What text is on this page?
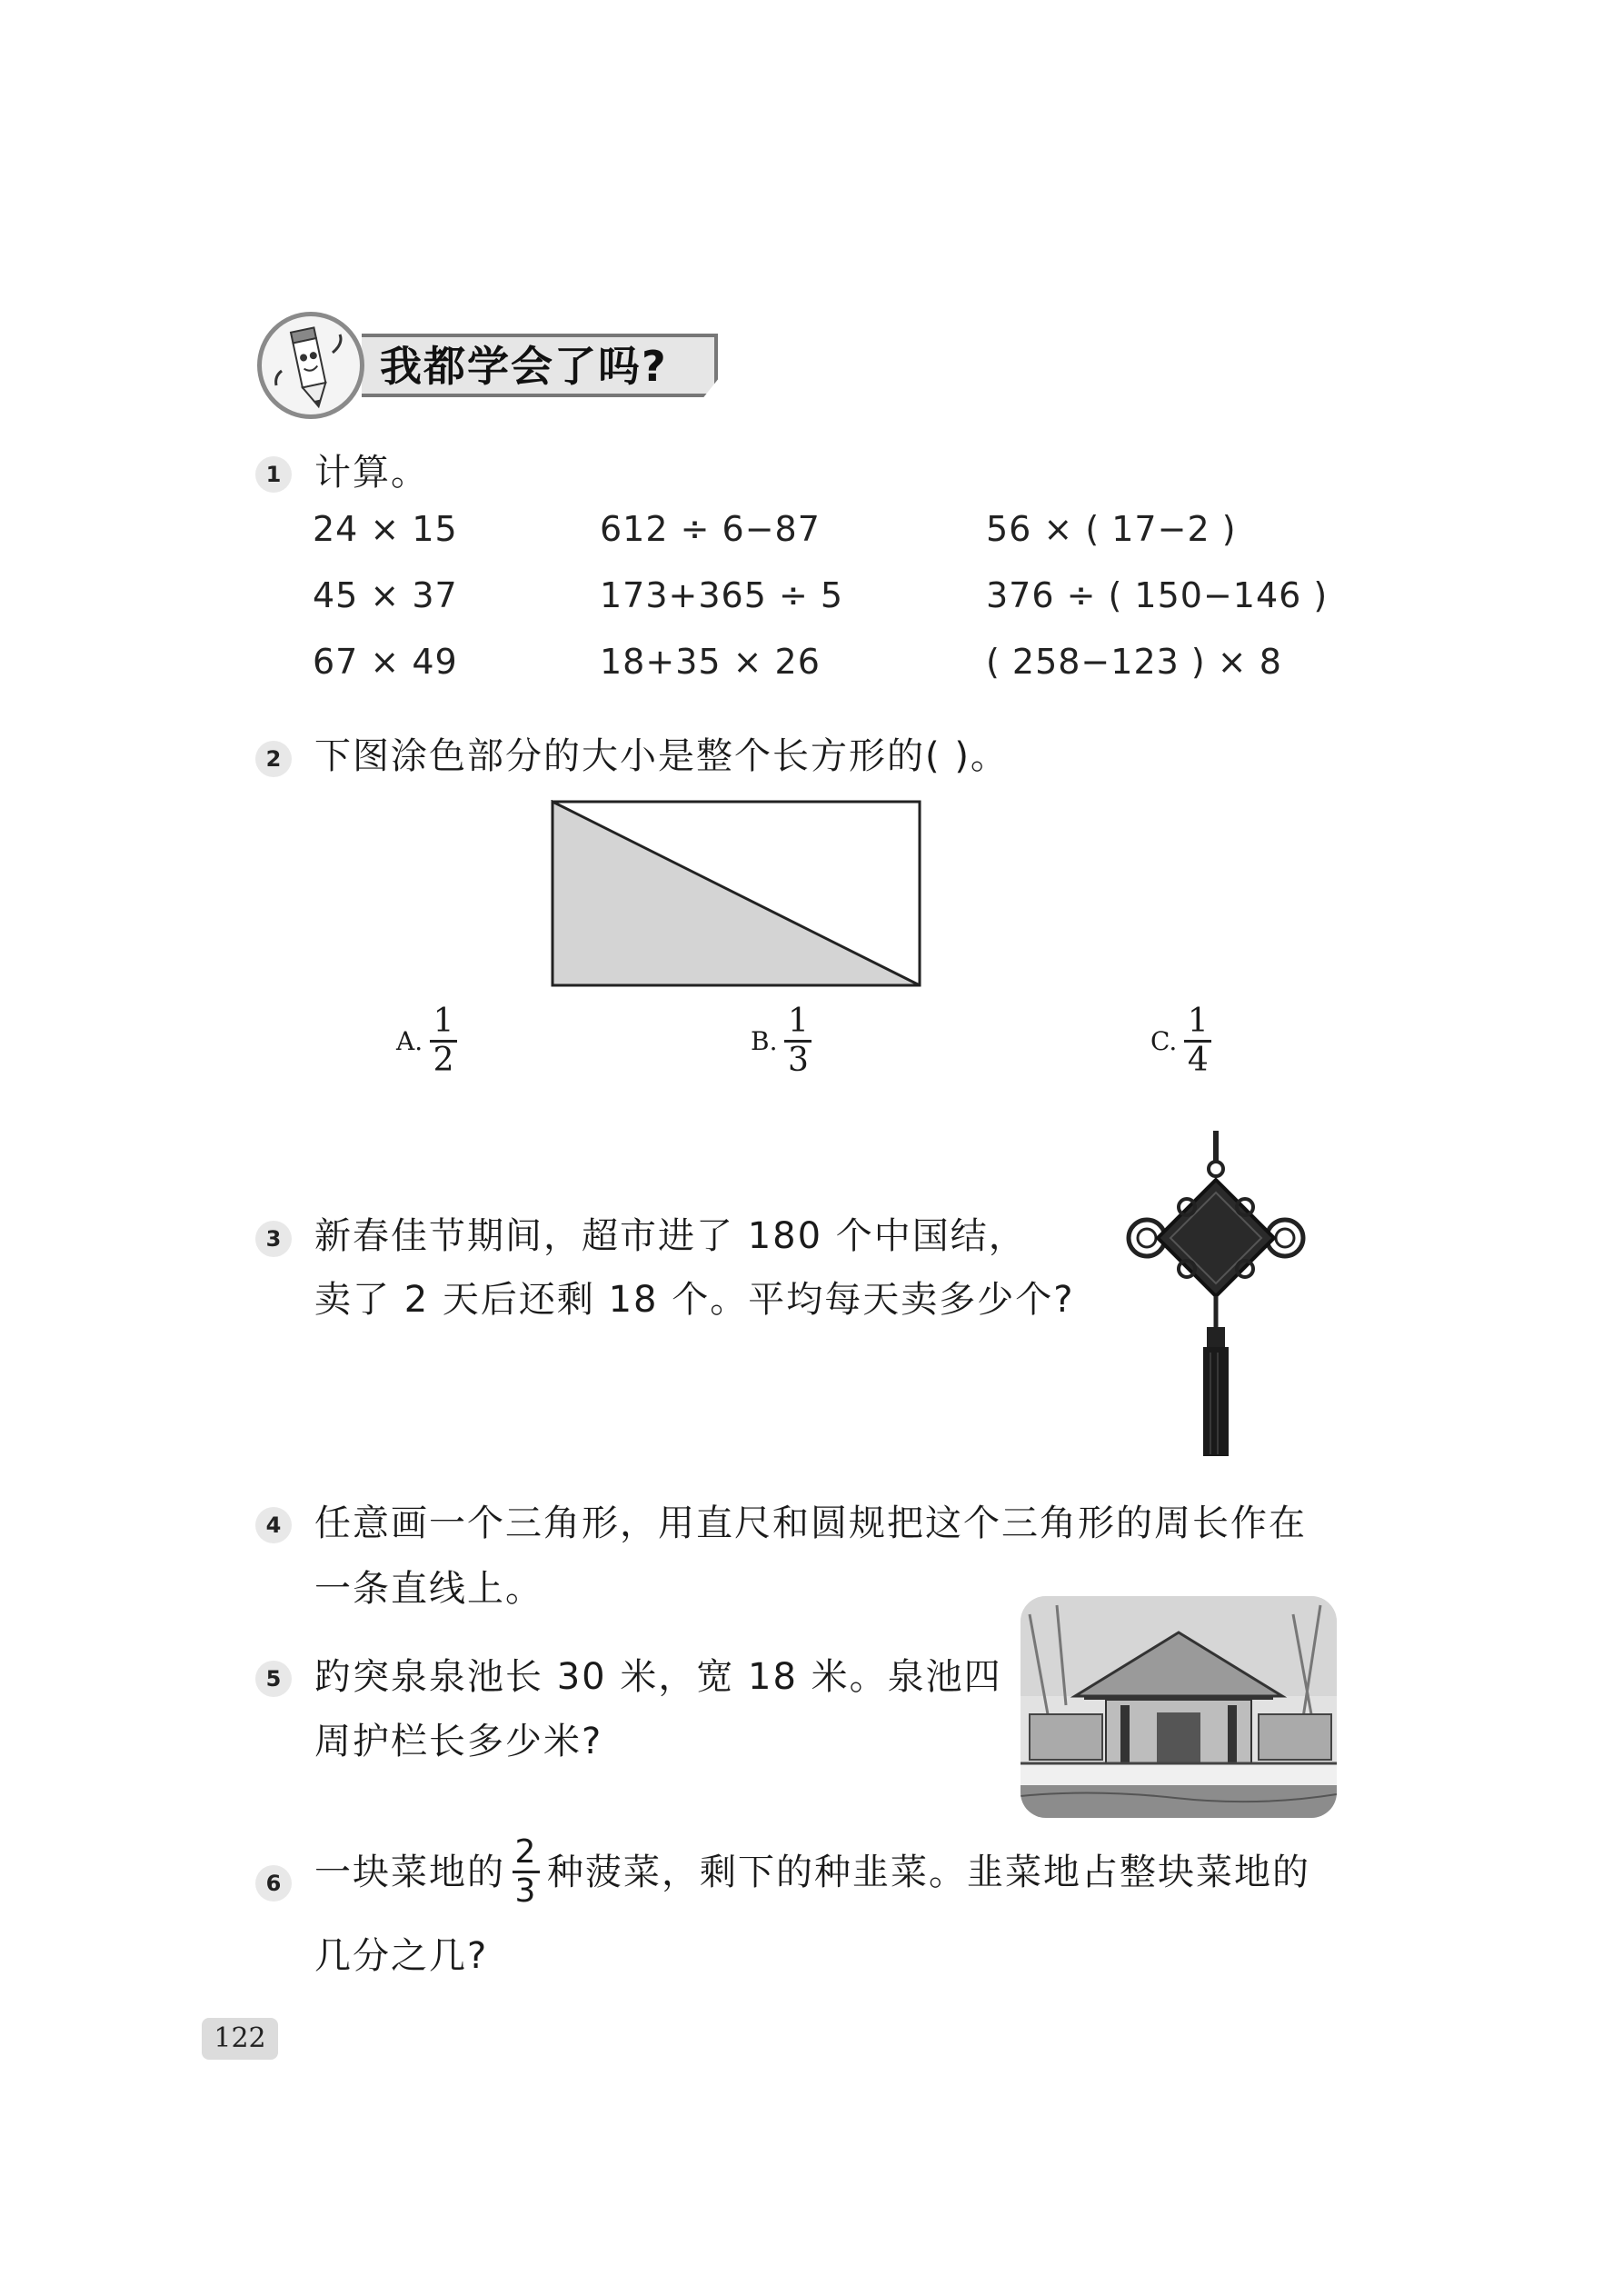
我都学会了吗?
1 计算。
24 × 15	612 ÷ 6−87	56 × ( 17−2 )
45 × 37	173+365 ÷ 5	376 ÷ ( 150−146 )
67 × 49	18+35 × 26	( 258−123 ) × 8
2 下图涂色部分的大小是整个长方形的( )。
A. $\frac{1}{2}$	B. $\frac{1}{3}$	C. $\frac{1}{4}$
3 新春佳节期间，超市进了 180 个中国结，
卖了 2 天后还剩 18 个。平均每天卖多少个?
4 任意画一个三角形，用直尺和圆规把这个三角形的周长作在
一条直线上。
5 趵突泉泉池长 30 米，宽 18 米。泉池四
周护栏长多少米?
6 一块菜地的 $\frac{2}{3}$ 种菠菜，剩下的种韭菜。韭菜地占整块菜地的
几分之几?
122
